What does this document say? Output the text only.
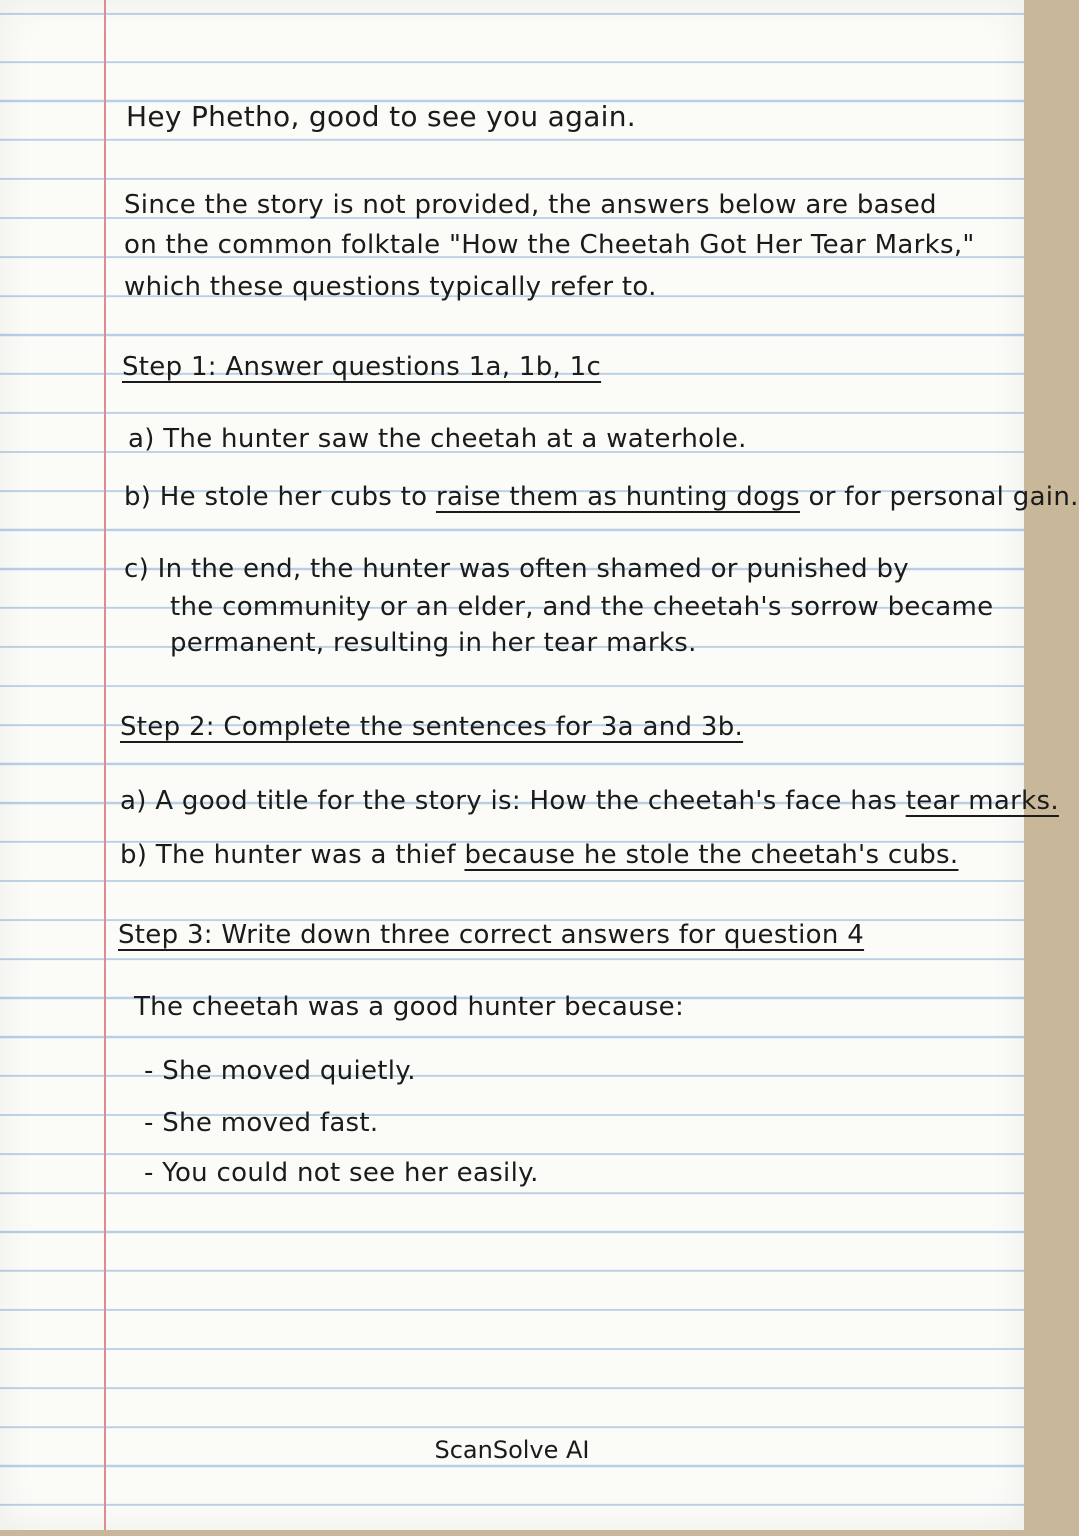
Hey Phetho, good to see you again.
Since the story is not provided, the answers below are based
on the common folktale "How the Cheetah Got Her Tear Marks,"
which these questions typically refer to.
Step 1: Answer questions 1a, 1b, 1c
a) The hunter saw the cheetah at a waterhole.
b) He stole her cubs to raise them as hunting dogs or for personal gain.
c) In the end, the hunter was often shamed or punished by
the community or an elder, and the cheetah's sorrow became
permanent, resulting in her tear marks.
Step 2: Complete the sentences for 3a and 3b.
a) A good title for the story is: How the cheetah's face has tear marks.
b) The hunter was a thief because he stole the cheetah's cubs.
Step 3: Write down three correct answers for question 4
The cheetah was a good hunter because:
- She moved quietly.
- She moved fast.
- You could not see her easily.
ScanSolve AI
